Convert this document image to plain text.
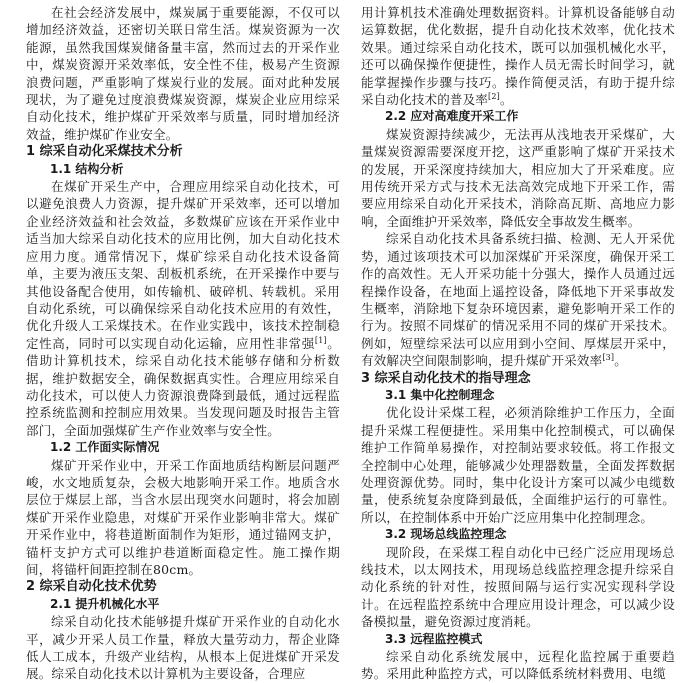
在社会经济发展中，煤炭属于重要能源，不仅可以增加经济效益，还密切关联日常生活。煤炭资源为一次能源，虽然我国煤炭储备量丰富，然而过去的开采作业中，煤炭资源开采效率低，安全性不佳，极易产生资源浪费问题，严重影响了煤炭行业的发展。面对此种发展现状，为了避免过度浪费煤炭资源，煤炭企业应用综采自动化技术，维护煤矿开采效率与质量，同时增加经济效益，维护煤矿作业安全。

1 综采自动化采煤技术分析
1.1 结构分析

在煤矿开采生产中，合理应用综采自动化技术，可以避免浪费人力资源，提升煤矿开采效率，还可以增加企业经济效益和社会效益，多数煤矿应该在开采作业中适当加大综采自动化技术的应用比例，加大自动化技术应用力度。通常情况下，煤矿综采自动化技术设备简单，主要为液压支架、刮板机系统，在开采操作中要与其他设备配合使用，如传输机、破碎机、转载机。采用自动化系统，可以确保综采自动化技术应用的有效性，优化升级人工采煤技术。在作业实践中，该技术控制稳定性高，同时可以实现自动化运输，应用性非常强[1]。借助计算机技术，综采自动化技术能够存储和分析数据，维护数据安全，确保数据真实性。合理应用综采自动化技术，可以使人力资源浪费降到最低，通过远程监控系统监测和控制应用效果。当发现问题及时报告主管部门，全面加强煤矿生产作业效率与安全性。

1.2 工作面实际情况

煤矿开采作业中，开采工作面地质结构断层问题严峻，水文地质复杂，会极大地影响开采工作。地质含水层位于煤层上部，当含水层出现突水问题时，将会加剧煤矿开采作业隐患，对煤矿开采作业影响非常大。煤矿开采作业中，将巷道断面制作为矩形，通过锚网支护，锚杆支护方式可以维护巷道断面稳定性。施工操作期间，将锚杆间距控制在80cm。

2 综采自动化技术优势
2.1 提升机械化水平

综采自动化技术能够提升煤矿开采作业的自动化水平，减少开采人员工作量，释放大量劳动力，帮企业降低人工成本，升级产业结构，从根本上促进煤矿开采发展。综采自动化技术以计算机为主要设备，合理应

用计算机技术准确处理数据资料。计算机设备能够自动运算数据，优化数据，提升自动化技术效率，优化技术效果。通过综采自动化技术，既可以加强机械化水平，还可以确保操作便捷性，操作人员无需长时间学习，就能掌握操作步骤与技巧。操作简便灵活，有助于提升综采自动化技术的普及率[2]。

2.2 应对高难度开采工作

煤炭资源持续减少，无法再从浅地表开采煤矿，大量煤炭资源需要深度开挖，这严重影响了煤矿开采技术的发展，开采深度持续加大，相应加大了开采难度。应用传统开采方式与技术无法高效完成地下开采工作，需要应用综采自动化开采技术，消除高瓦斯、高地应力影响，全面维护开采效率，降低安全事故发生概率。

综采自动化技术具备系统扫描、检测、无人开采优势，通过该项技术可以加深煤矿开采深度，确保开采工作的高效性。无人开采功能十分强大，操作人员通过远程操作设备，在地面上遥控设备，降低地下开采事故发生概率，消除地下复杂环境因素，避免影响开采工作的行为。按照不同煤矿的情况采用不同的煤矿开采技术。例如，短壁综采法可以应用到小空间、厚煤层开采中，有效解决空间限制影响，提升煤矿开采效率[3]。

3 综采自动化技术的指导理念
3.1 集中化控制理念

优化设计采煤工程，必须消除维护工作压力，全面提升采煤工程便捷性。采用集中化控制模式，可以确保维护工作简单易操作，对控制站要求较低。将工作报文全控制中心处理，能够减少处理器数量，全面发挥数据处理资源优势。同时，集中化设计方案可以减少电缆数量，使系统复杂度降到最低，全面维护运行的可靠性。所以，在控制体系中开始广泛应用集中化控制理念。

3.2 现场总线监控理念

现阶段，在采煤工程自动化中已经广泛应用现场总线技术，以太网技术，用现场总线监控理念提升综采自动化系统的针对性，按照间隔与运行实况实现科学设计。在远程监控系统中合理应用设计理念，可以减少设备模拟量，避免资源过度消耗。

3.3 远程监控模式

综采自动化系统发展中，远程化监控属于重要趋势。采用此种监控方式，可以降低系统材料费用、电缆
